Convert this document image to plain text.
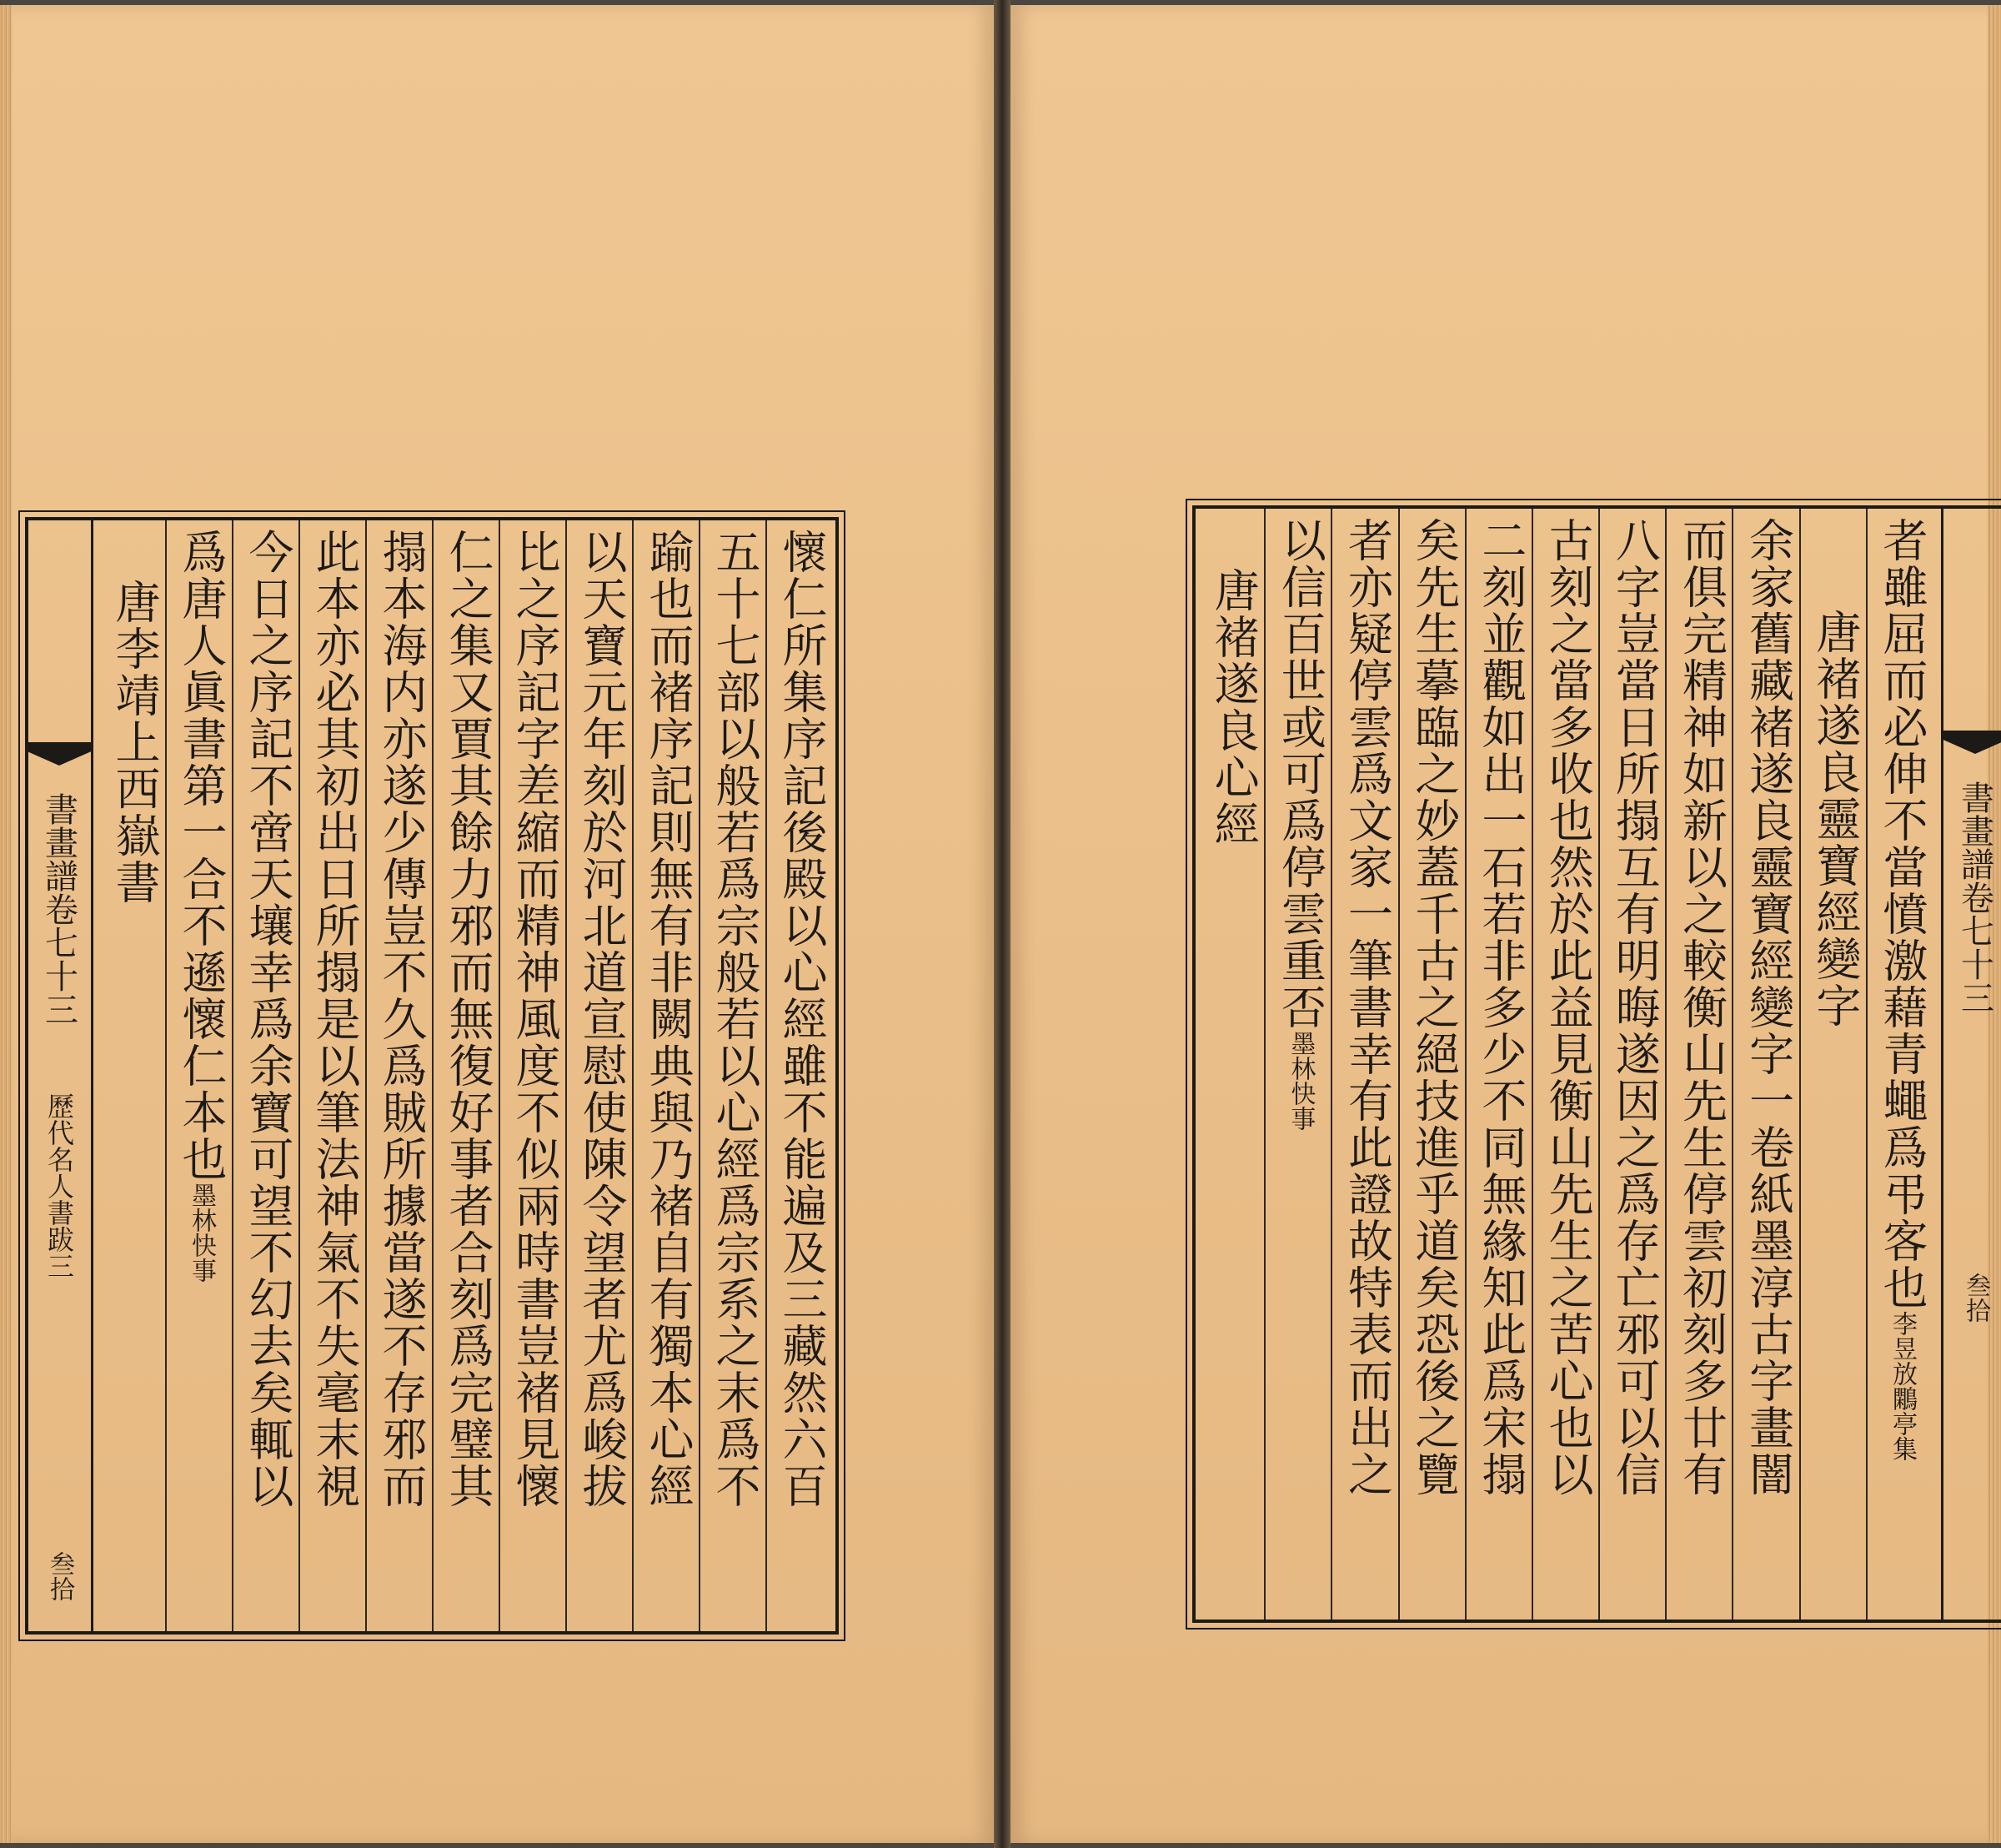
懷仁所集序記後殿以心經雖不能遍及三藏然六百
五十七部以般若爲宗般若以心經爲宗系之末爲不
踰也而褚序記則無有非闕典與乃褚自有獨本心經
以天寶元年刻於河北道宣慰使陳令望者尤爲峻拔
比之序記字差縮而精神風度不似兩時書豈褚見懷
仁之集又賈其餘力邪而無復好事者合刻爲完璧其
搨本海内亦遂少傳豈不久爲賊所據當遂不存邪而
此本亦必其初出日所搨是以筆法神氣不失毫末視
今日之序記不啻天壤幸爲余寶可望不幻去矣輒以
爲唐人眞書第一合不遜懷仁本也墨林快事
唐李靖上西嶽書
書畫譜卷七十三
歷代名人書跋三
叁拾
者雖屈而必伸不當憤激藉青蠅爲弔客也李昱放鷴亭集
唐褚遂良靈寶經變字
余家舊藏褚遂良靈寶經變字一卷紙墨淳古字畫闇
而俱完精神如新以之較衡山先生停雲初刻多廿有
八字豈當日所搨互有明晦遂因之爲存亡邪可以信
古刻之當多收也然於此益見衡山先生之苦心也以
二刻並觀如出一石若非多少不同無緣知此爲宋搨
矣先生摹臨之妙蓋千古之絕技進乎道矣恐後之覽
者亦疑停雲爲文家一筆書幸有此證故特表而出之
以信百世或可爲停雲重否墨林快事
唐褚遂良心經
書畫譜卷七十三
叁拾
